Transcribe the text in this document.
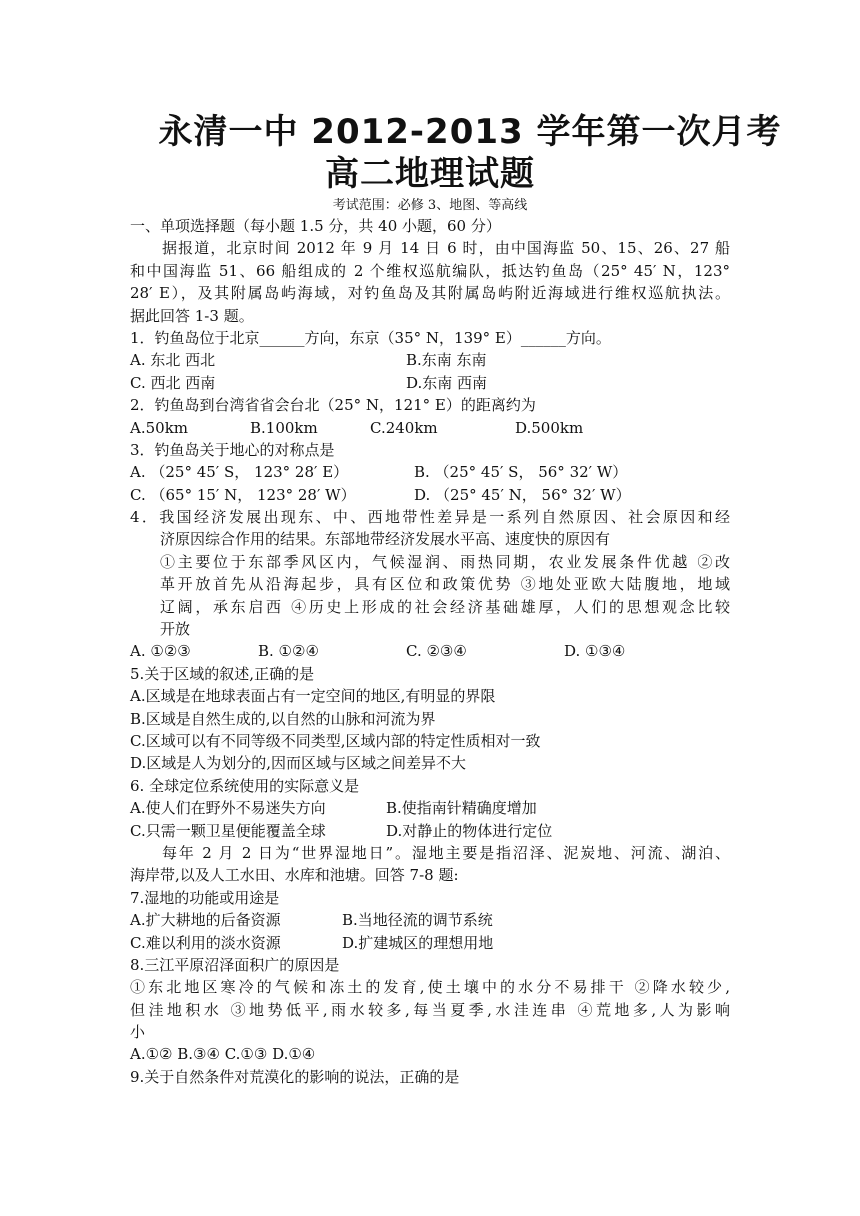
永清一中 2012-2013 学年第一次月考
高二地理试题
考试范围：必修 3、地图、等高线
一、单项选择题（每小题 1.5 分，共 40 小题，60 分）
据报道，北京时间 2012 年 9 月 14 日 6 时，由中国海监 50、15、26、27 船
和中国海监 51、66 船组成的 2 个维权巡航编队，抵达钓鱼岛（25° 45′ N，123°
28′ E），及其附属岛屿海域，对钓鱼岛及其附属岛屿附近海域进行维权巡航执法。
据此回答 1-3 题。
1．钓鱼岛位于北京______方向，东京（35° N，139° E）______方向。
A. 东北 西北	B.东南 东南
C. 西北 西南	D.东南 西南
2．钓鱼岛到台湾省省会台北（25° N，121° E）的距离约为
A.50km	B.100km	C.240km	D.500km
3．钓鱼岛关于地心的对称点是
A. （25° 45′ S， 123° 28′ E）	B. （25° 45′ S， 56° 32′ W）
C. （65° 15′ N， 123° 28′ W）	D. （25° 45′ N， 56° 32′ W）
4．我国经济发展出现东、中、西地带性差异是一系列自然原因、社会原因和经
济原因综合作用的结果。东部地带经济发展水平高、速度快的原因有
①主要位于东部季风区内，气候湿润、雨热同期，农业发展条件优越 ②改
革开放首先从沿海起步，具有区位和政策优势 ③地处亚欧大陆腹地，地域
辽阔，承东启西 ④历史上形成的社会经济基础雄厚，人们的思想观念比较
开放
A. ①②③	B. ①②④	C. ②③④	D. ①③④
5.关于区域的叙述,正确的是
A.区域是在地球表面占有一定空间的地区,有明显的界限
B.区域是自然生成的,以自然的山脉和河流为界
C.区域可以有不同等级不同类型,区域内部的特定性质相对一致
D.区域是人为划分的,因而区域与区域之间差异不大
6. 全球定位系统使用的实际意义是
A.使人们在野外不易迷失方向	B.使指南针精确度增加
C.只需一颗卫星便能覆盖全球	D.对静止的物体进行定位
每年 2 月 2 日为“世界湿地日”。湿地主要是指沼泽、泥炭地、河流、湖泊、
海岸带,以及人工水田、水库和池塘。回答 7-8 题:
7.湿地的功能或用途是
A.扩大耕地的后备资源	B.当地径流的调节系统
C.难以利用的淡水资源	D.扩建城区的理想用地
8.三江平原沼泽面积广的原因是
①东北地区寒冷的气候和冻土的发育,使土壤中的水分不易排干 ②降水较少,
但洼地积水 ③地势低平,雨水较多,每当夏季,水洼连串 ④荒地多,人为影响
小
A.①② B.③④ C.①③ D.①④
9.关于自然条件对荒漠化的影响的说法，正确的是
